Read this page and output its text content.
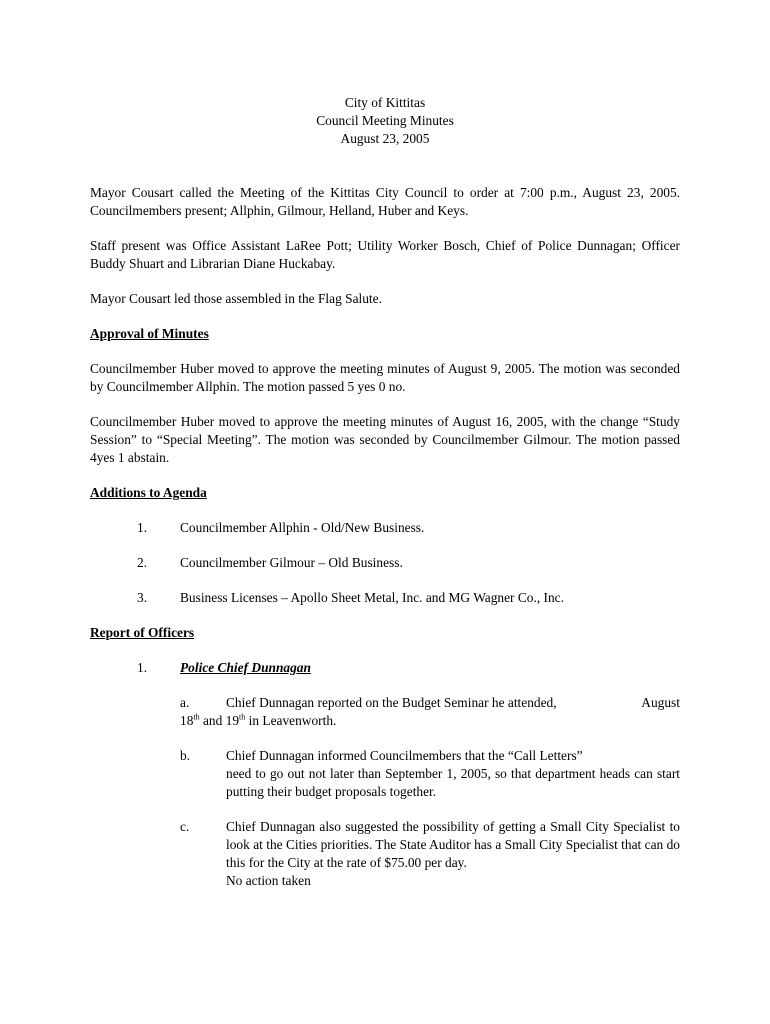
City of Kittitas
Council Meeting Minutes
August 23, 2005

Mayor Cousart called the Meeting of the Kittitas City Council to order at 7:00 p.m., August 23, 2005. Councilmembers present; Allphin, Gilmour, Helland, Huber and Keys.

Staff present was Office Assistant LaRee Pott; Utility Worker Bosch, Chief of Police Dunnagan; Officer Buddy Shuart and Librarian Diane Huckabay.

Mayor Cousart led those assembled in the Flag Salute.

Approval of Minutes

Councilmember Huber moved to approve the meeting minutes of August 9, 2005. The motion was seconded by Councilmember Allphin. The motion passed 5 yes 0 no.

Councilmember Huber moved to approve the meeting minutes of August 16, 2005, with the change “Study Session” to “Special Meeting”. The motion was seconded by Councilmember Gilmour. The motion passed 4yes 1 abstain.

Additions to Agenda
1.	Councilmember Allphin - Old/New Business.
2.	Councilmember Gilmour – Old Business.
3.	Business Licenses – Apollo Sheet Metal, Inc. and MG Wagner Co., Inc.
Report of Officers
1.	Police Chief Dunnagan
a.	Chief Dunnagan reported on the Budget Seminar he attended,	August
18th and 19th in Leavenworth.
b.	Chief Dunnagan informed Councilmembers that the “Call Letters”
need to go out not later than September 1, 2005, so that department heads can start putting their budget proposals together.
c.	Chief Dunnagan also suggested the possibility of getting a Small City Specialist to look at the Cities priorities. The State Auditor has a Small City Specialist that can do this for the City at the rate of $75.00 per day.
No action taken
